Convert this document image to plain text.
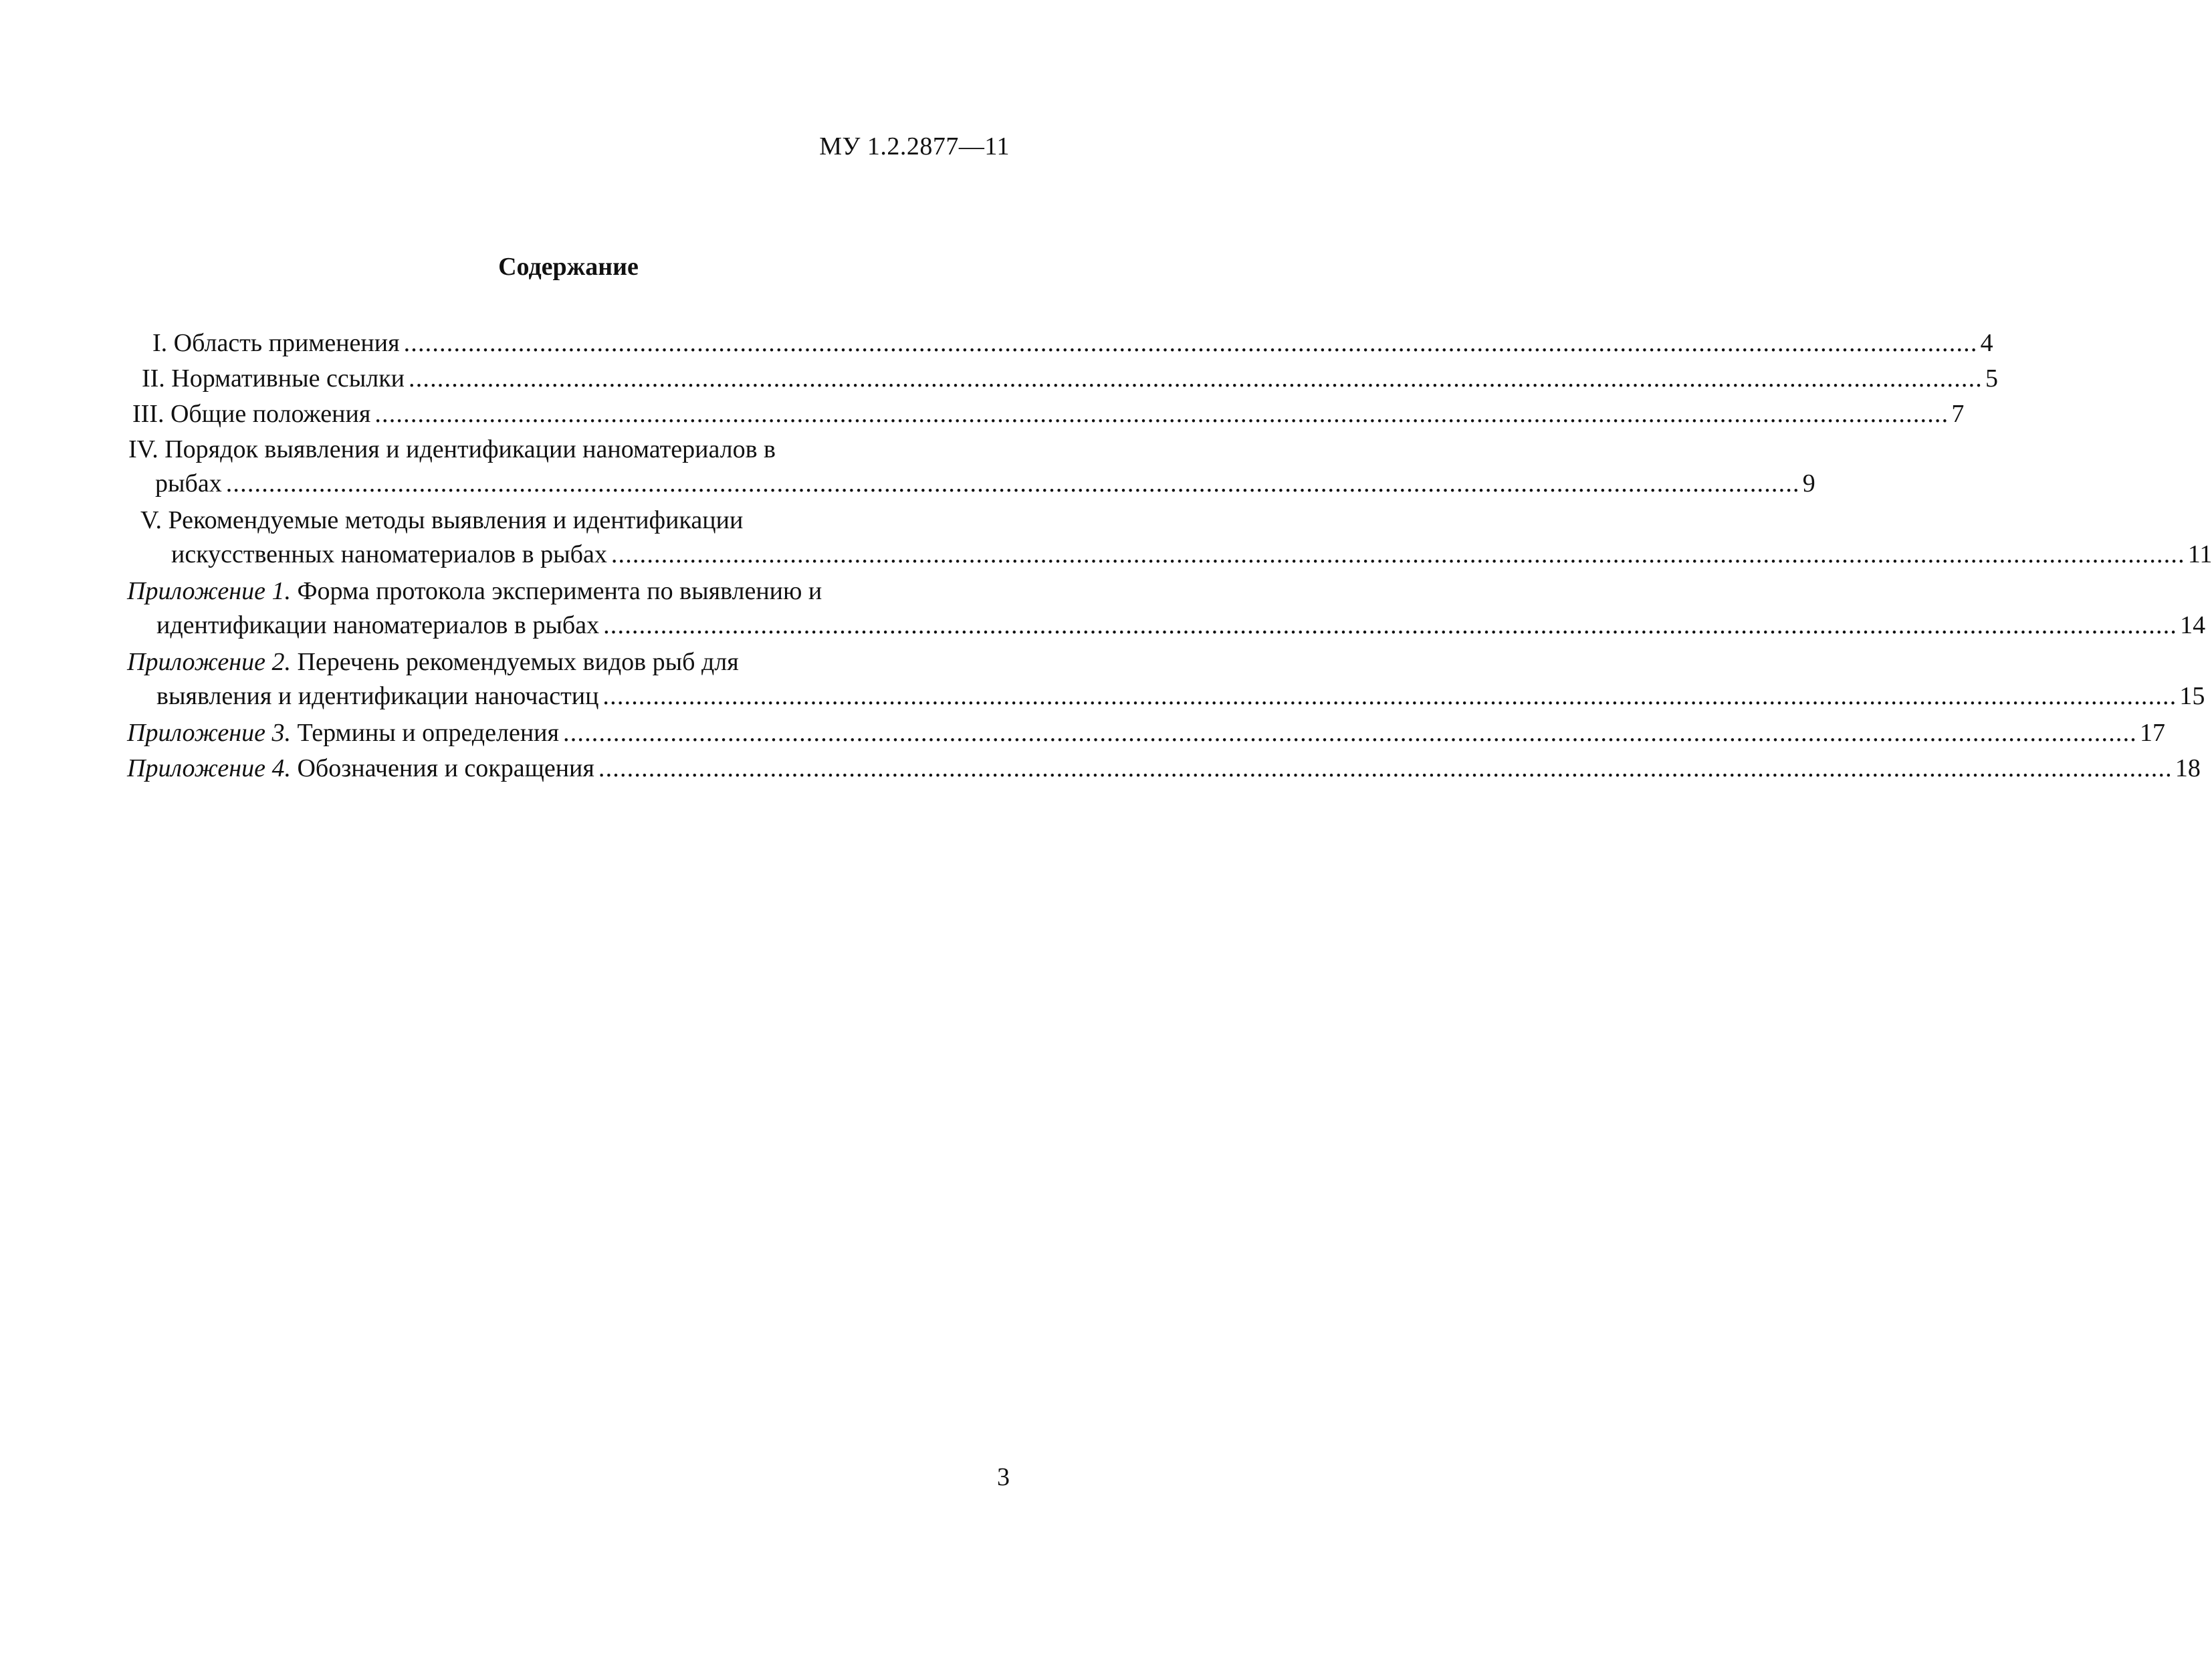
МУ 1.2.2877—11
Содержание
I. Область применения ............................................................................................................................................................................................................................ 4
II. Нормативные ссылки ............................................................................................................................................................................................................................ 5
III. Общие положения ............................................................................................................................................................................................................................ 7
IV. Порядок выявления и идентификации наноматериалов в
рыбах ............................................................................................................................................................................................................................ 9
V. Рекомендуемые методы выявления и идентификации
искусственных наноматериалов в рыбах ............................................................................................................................................................................................................................ 11
Приложение 1. Форма протокола эксперимента по выявлению и
идентификации наноматериалов в рыбах ............................................................................................................................................................................................................................ 14
Приложение 2. Перечень рекомендуемых видов рыб для
выявления и идентификации наночастиц ............................................................................................................................................................................................................................ 15
Приложение 3. Термины и определения ............................................................................................................................................................................................................................ 17
Приложение 4. Обозначения и сокращения ............................................................................................................................................................................................................................ 18
3
